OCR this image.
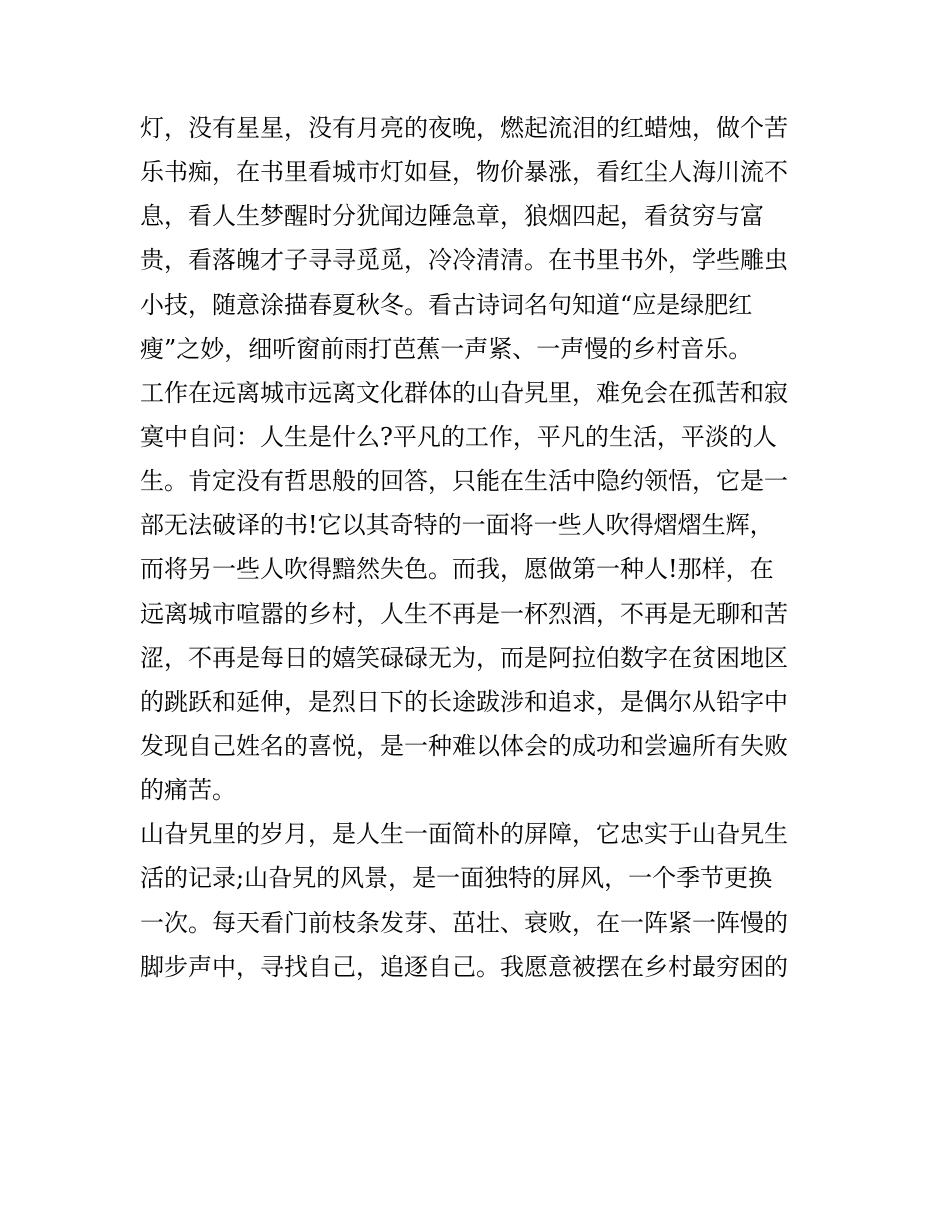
灯，没有星星，没有月亮的夜晚，燃起流泪的红蜡烛，做个苦
乐书痴，在书里看城市灯如昼，物价暴涨，看红尘人海川流不
息，看人生梦醒时分犹闻边陲急章，狼烟四起，看贫穷与富
贵，看落魄才子寻寻觅觅，冷冷清清。在书里书外，学些雕虫
小技，随意涂描春夏秋冬。看古诗词名句知道“应是绿肥红
瘦”之妙，细听窗前雨打芭蕉一声紧、一声慢的乡村音乐。
工作在远离城市远离文化群体的山旮旯里，难免会在孤苦和寂
寞中自问：人生是什么?平凡的工作，平凡的生活，平淡的人
生。肯定没有哲思般的回答，只能在生活中隐约领悟，它是一
部无法破译的书!它以其奇特的一面将一些人吹得熠熠生辉，
而将另一些人吹得黯然失色。而我，愿做第一种人!那样，在
远离城市喧嚣的乡村，人生不再是一杯烈酒，不再是无聊和苦
涩，不再是每日的嬉笑碌碌无为，而是阿拉伯数字在贫困地区
的跳跃和延伸，是烈日下的长途跋涉和追求，是偶尔从铅字中
发现自己姓名的喜悦，是一种难以体会的成功和尝遍所有失败
的痛苦。
山旮旯里的岁月，是人生一面简朴的屏障，它忠实于山旮旯生
活的记录;山旮旯的风景，是一面独特的屏风，一个季节更换
一次。每天看门前枝条发芽、茁壮、衰败，在一阵紧一阵慢的
脚步声中，寻找自己，追逐自己。我愿意被摆在乡村最穷困的
